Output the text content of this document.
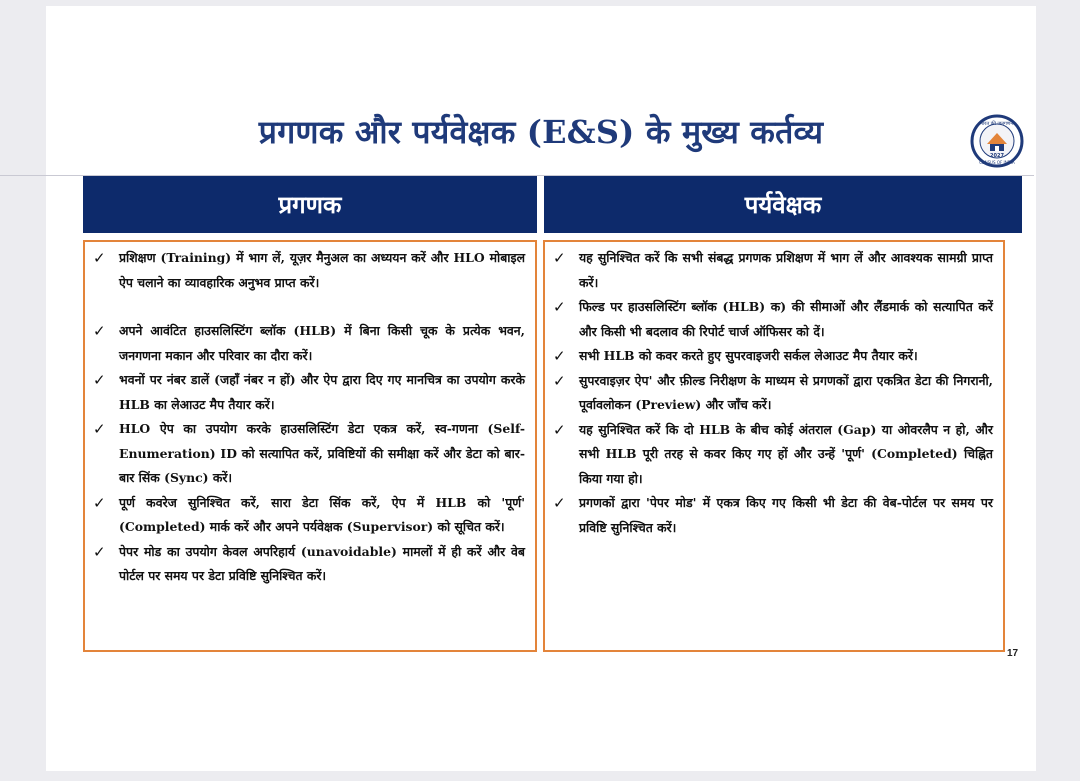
प्रगणक और पर्यवेक्षक (E&S) के मुख्य कर्तव्य	भारत की जनगणना
2027
CENSUS OF INDIA
प्रगणक	पर्यवेक्षक
✓	प्रशिक्षण (Training) में भाग लें, यूज़र मैनुअल का अध्ययन करें और HLO मोबाइल ऐप चलाने का व्यावहारिक अनुभव प्राप्त करें।
✓	अपने आवंटित हाउसलिस्टिंग ब्लॉक (HLB) में बिना किसी चूक के प्रत्येक भवन, जनगणना मकान और परिवार का दौरा करें।
✓	भवनों पर नंबर डालें (जहाँ नंबर न हों) और ऐप द्वारा दिए गए मानचित्र का उपयोग करके HLB का लेआउट मैप तैयार करें।
✓	HLO ऐप का उपयोग करके हाउसलिस्टिंग डेटा एकत्र करें, स्व-गणना (Self-Enumeration) ID को सत्यापित करें, प्रविष्टियों की समीक्षा करें और डेटा को बार-बार सिंक (Sync) करें।
✓	पूर्ण कवरेज सुनिश्चित करें, सारा डेटा सिंक करें, ऐप में HLB को 'पूर्ण' (Completed) मार्क करें और अपने पर्यवेक्षक (Supervisor) को सूचित करें।
✓	पेपर मोड का उपयोग केवल अपरिहार्य (unavoidable) मामलों में ही करें और वेब पोर्टल पर समय पर डेटा प्रविष्टि सुनिश्चित करें।
✓	यह सुनिश्चित करें कि सभी संबद्ध प्रगणक प्रशिक्षण में भाग लें और आवश्यक सामग्री प्राप्त करें।
✓	फिल्ड पर हाउसलिस्टिंग ब्लॉक (HLB) क) की सीमाओं और लैंडमार्क को सत्यापित करें और किसी भी बदलाव की रिपोर्ट चार्ज ऑफिसर को दें।
✓	सभी HLB को कवर करते हुए सुपरवाइजरी सर्कल लेआउट मैप तैयार करें।
✓	सुपरवाइज़र ऐप' और फ़ील्ड निरीक्षण के माध्यम से प्रगणकों द्वारा एकत्रित डेटा की निगरानी, पूर्वावलोकन (Preview) और जाँच करें।
✓	यह सुनिश्चित करें कि दो HLB के बीच कोई अंतराल (Gap) या ओवरलैप न हो, और सभी HLB पूरी तरह से कवर किए गए हों और उन्हें 'पूर्ण' (Completed) चिह्नित किया गया हो।
✓	प्रगणकों द्वारा 'पेपर मोड' में एकत्र किए गए किसी भी डेटा की वेब-पोर्टल पर समय पर प्रविष्टि सुनिश्चित करें।
17
